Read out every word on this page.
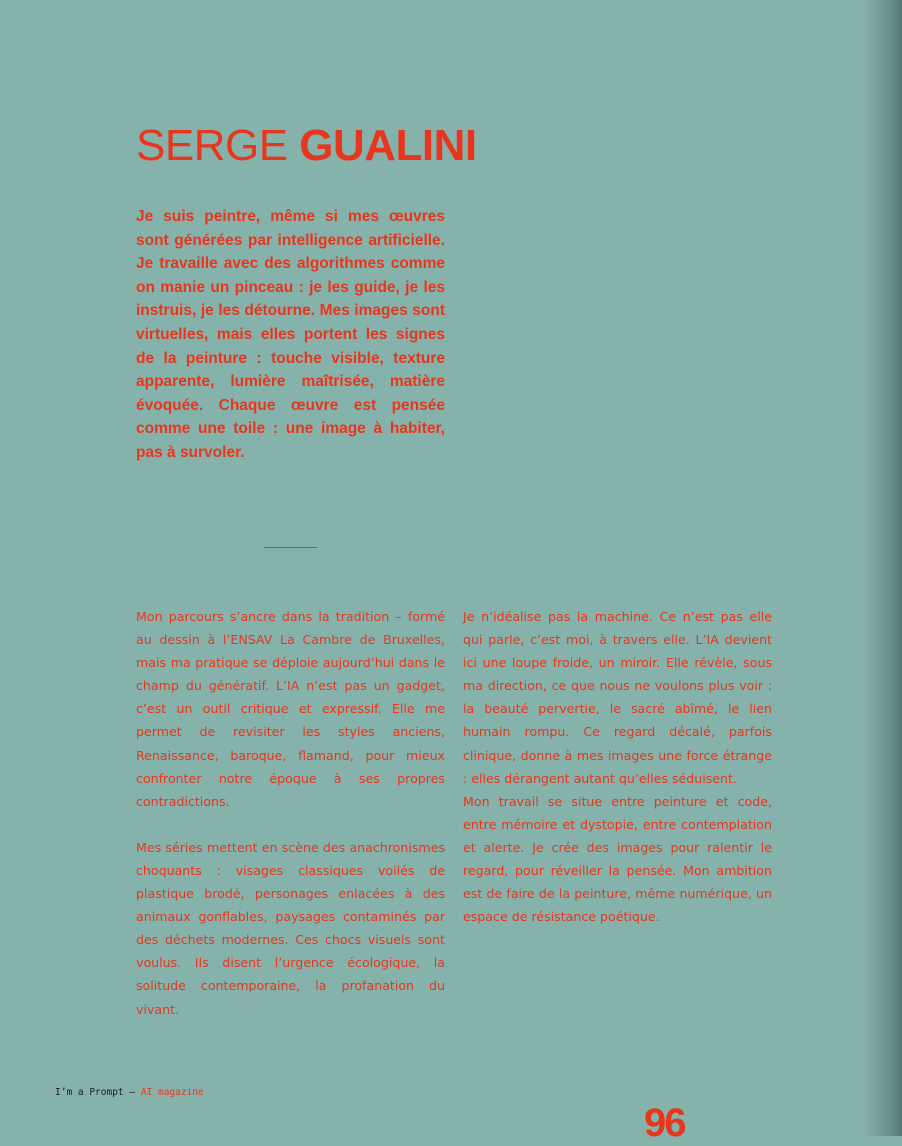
SERGE GUALINI

Je suis peintre, même si mes œuvres sont générées par intelligence artificielle. Je travaille avec des algorithmes comme on manie un pinceau : je les guide, je les instruis, je les détourne. Mes images sont virtuelles, mais elles portent les signes de la peinture : touche visible, texture apparente, lumière maîtrisée, matière évoquée. Chaque œuvre est pensée comme une toile : une image à habiter, pas à survoler.

Mon parcours s’ancre dans la tradition – formé au dessin à l’ENSAV La Cambre de Bruxelles, mais ma pratique se déploie aujourd’hui dans le champ du génératif. L’IA n’est pas un gadget, c’est un outil critique et expressif. Elle me permet de revisiter les styles anciens, Renaissance, baroque, flamand, pour mieux confronter notre époque à ses propres contradictions.

Mes séries mettent en scène des anachronismes choquants : visages classiques voilés de plastique brodé, personages enlacées à des animaux gonflables, paysages contaminés par des déchets modernes. Ces chocs visuels sont voulus. Ils disent l’urgence écologique, la solitude contemporaine, la profanation du vivant.

Je n’idéalise pas la machine. Ce n’est pas elle qui parle, c’est moi, à travers elle. L’IA devient ici une loupe froide, un miroir. Elle révèle, sous ma direction, ce que nous ne voulons plus voir : la beauté pervertie, le sacré abîmé, le lien humain rompu. Ce regard décalé, parfois clinique, donne à mes images une force étrange : elles dérangent autant qu’elles séduisent.

Mon travail se situe entre peinture et code, entre mémoire et dystopie, entre contemplation et alerte. Je crée des images pour ralentir le regard, pour réveiller la pensée. Mon ambition est de faire de la peinture, même numérique, un espace de résistance poétique.

I’m a Prompt – AI magazine
96
